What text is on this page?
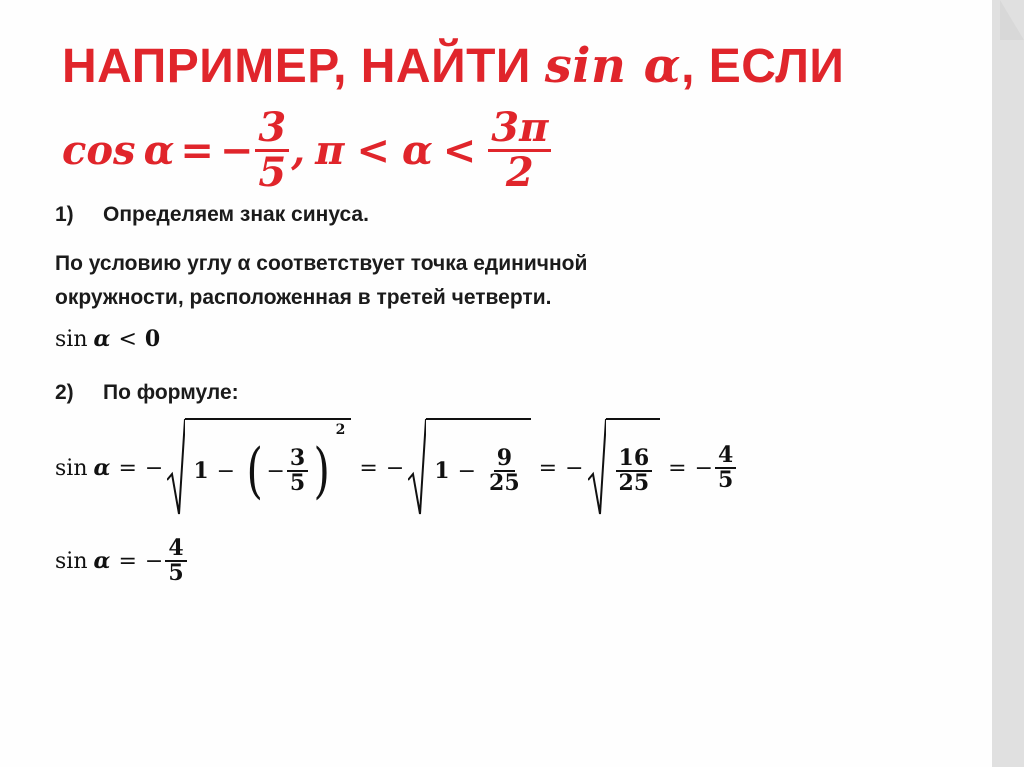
НАПРИМЕР, НАЙТИ sin α, ЕСЛИ
cos α = − $\frac{3}{5}$ , $\pi < \alpha < \frac{3\pi}{2}$
1) Определяем знак синуса.
По условию углу α соответствует точка единичной
окружности, расположенная в третей четверти.
sin α < 0
2) По формуле:
sin α = − 1 − ( − $\frac{3}{5}$ )
2
= − $1 - \frac{9}{25}$ = − $\frac{16}{25}$ = − $\frac{4}{5}$
sin α = − $\frac{4}{5}$
